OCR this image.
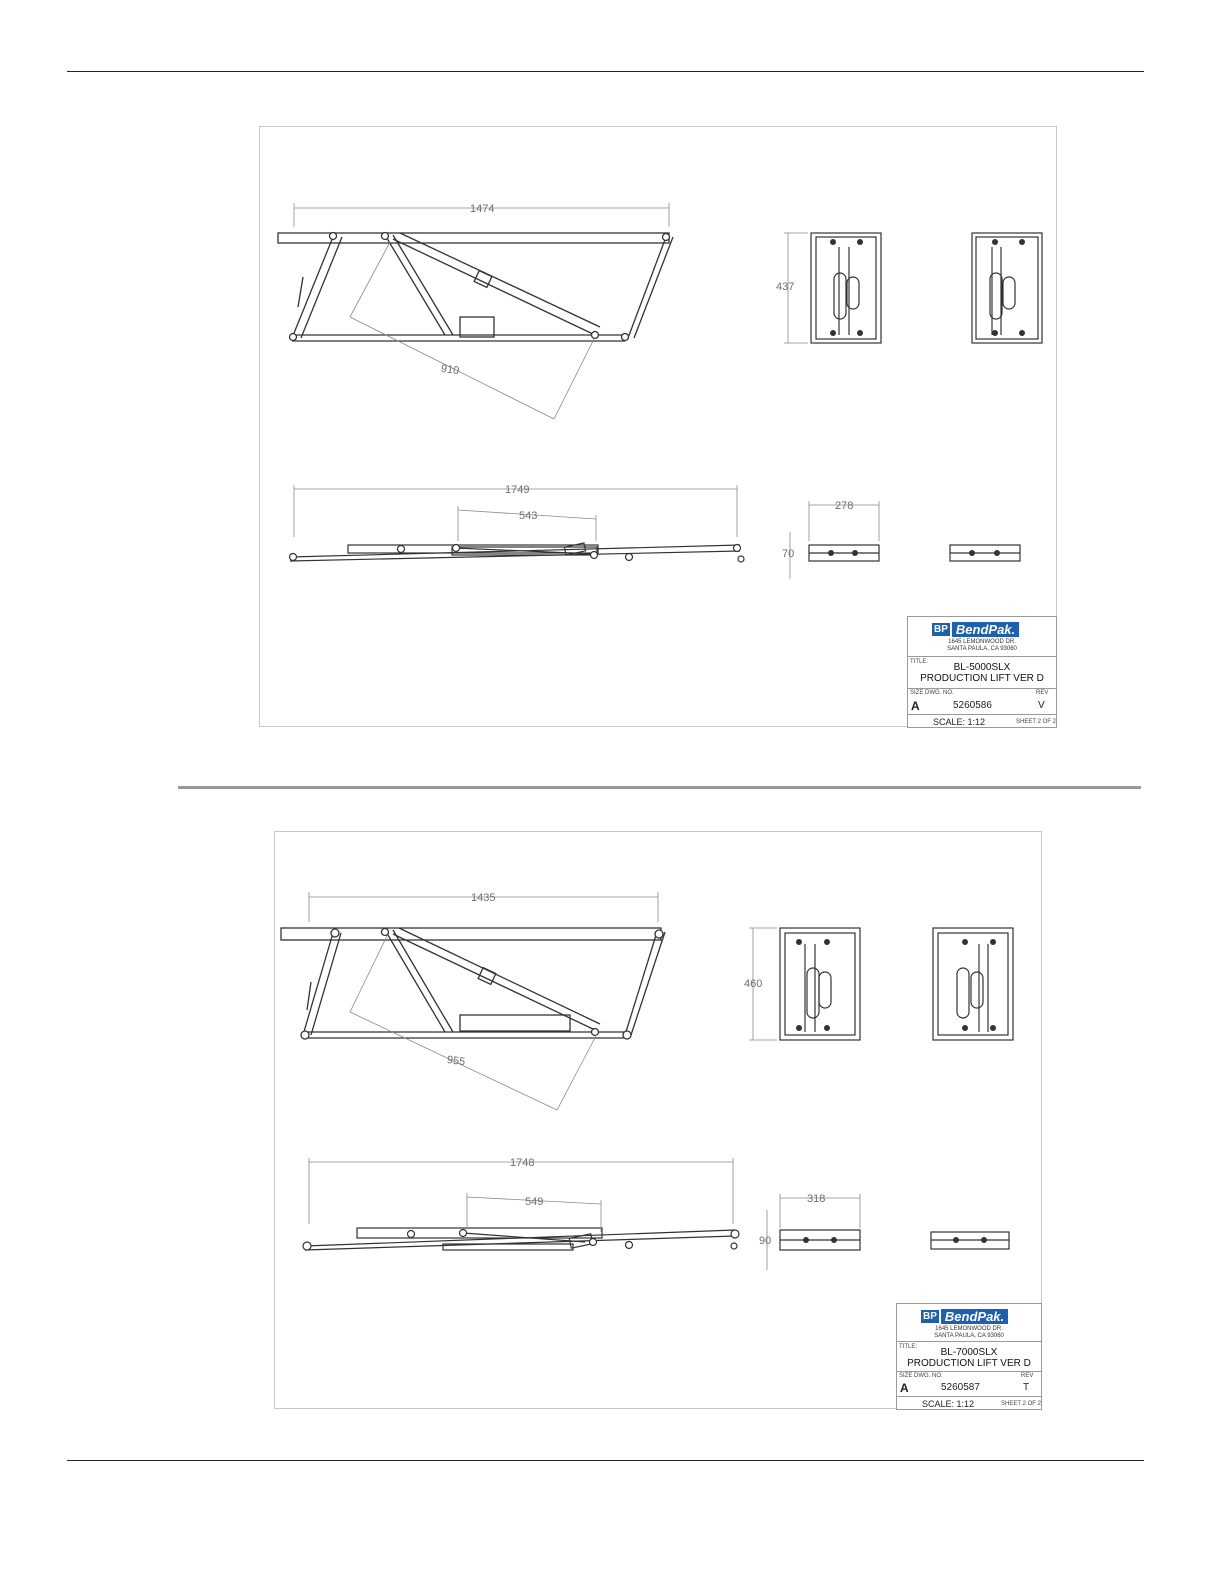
1474
910
437
1749
543
278
70
BP BendPak.
1645 LEMONWOOD DR.
SANTA PAULA, CA 93060
TITLE:	BL-5000SLX
PRODUCTION LIFT VER D
SIZE DWG. NO.	REV
A	5260586	V
SCALE: 1:12	SHEET 2 OF 2
1435
955
460
1748
549	318
90
BP BendPak.
1645 LEMONWOOD DR.
SANTA PAULA, CA 93060
TITLE:	BL-7000SLX
PRODUCTION LIFT VER D
SIZE DWG. NO.	REV
A	5260587	T
SCALE: 1:12	SHEET 2 OF 2
